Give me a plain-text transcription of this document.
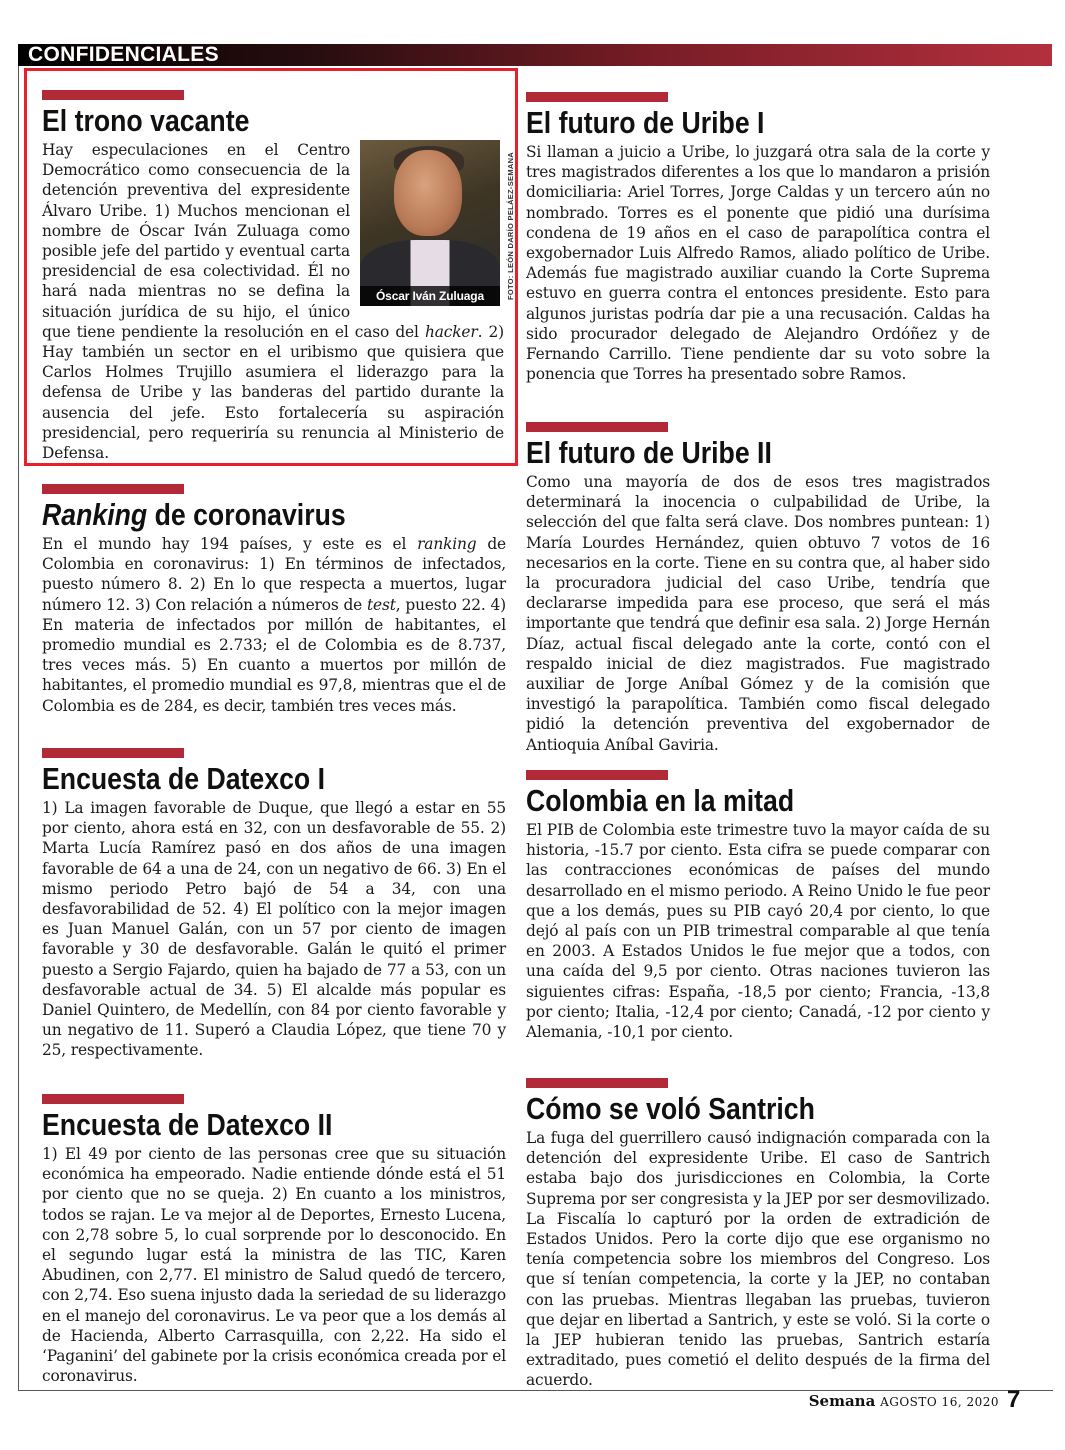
CONFIDENCIALES
El trono vacante

Óscar Iván Zuluaga
Hay especulaciones en el Centro Democrático como consecuencia de la detención preventiva del expresidente Álvaro Uribe. 1) Muchos mencionan el nombre de Óscar Iván Zuluaga como posible jefe del partido y eventual carta presidencial de esa colectividad. Él no hará nada mientras no se defina la situación jurídica de su hijo, el único que tiene pendiente la resolución en el caso del hacker. 2) Hay también un sector en el uribismo que quisiera que Carlos Holmes Trujillo asumiera el liderazgo para la defensa de Uribe y las banderas del partido durante la ausencia del jefe. Esto fortalecería su aspiración presidencial, pero requeriría su renuncia al Ministerio de Defensa.

FOTO: LEÓN DARÍO PELÁEZ-SEMANA
Ranking de coronavirus

En el mundo hay 194 países, y este es el ranking de Colombia en coronavirus: 1) En términos de infectados, puesto número 8. 2) En lo que respecta a muertos, lugar número 12. 3) Con relación a números de test, puesto 22. 4) En materia de infectados por millón de habitantes, el promedio mundial es 2.733; el de Colombia es de 8.737, tres veces más. 5) En cuanto a muertos por millón de habitantes, el promedio mundial es 97,8, mientras que el de Colombia es de 284, es decir, también tres veces más.

Encuesta de Datexco I

1) La imagen favorable de Duque, que llegó a estar en 55 por ciento, ahora está en 32, con un desfavorable de 55. 2) Marta Lucía Ramírez pasó en dos años de una imagen favorable de 64 a una de 24, con un negativo de 66. 3) En el mismo periodo Petro bajó de 54 a 34, con una desfavorabilidad de 52. 4) El político con la mejor imagen es Juan Manuel Galán, con un 57 por ciento de imagen favorable y 30 de desfavorable. Galán le quitó el primer puesto a Sergio Fajardo, quien ha bajado de 77 a 53, con un desfavorable actual de 34. 5) El alcalde más popular es Daniel Quintero, de Medellín, con 84 por ciento favorable y un negativo de 11. Superó a Claudia López, que tiene 70 y 25, respectivamente.

Encuesta de Datexco II

1) El 49 por ciento de las personas cree que su situación económica ha empeorado. Nadie entiende dónde está el 51 por ciento que no se queja. 2) En cuanto a los ministros, todos se rajan. Le va mejor al de Deportes, Ernesto Lucena, con 2,78 sobre 5, lo cual sorprende por lo desconocido. En el segundo lugar está la ministra de las TIC, Karen Abudinen, con 2,77. El ministro de Salud quedó de tercero, con 2,74. Eso suena injusto dada la seriedad de su liderazgo en el manejo del coronavirus. Le va peor que a los demás al de Hacienda, Alberto Carrasquilla, con 2,22. Ha sido el ‘Paganini’ del gabinete por la crisis económica creada por el coronavirus.

El futuro de Uribe I

Si llaman a juicio a Uribe, lo juzgará otra sala de la corte y tres magistrados diferentes a los que lo mandaron a prisión domiciliaria: Ariel Torres, Jorge Caldas y un tercero aún no nombrado. Torres es el ponente que pidió una durísima condena de 19 años en el caso de parapolítica contra el exgobernador Luis Alfredo Ramos, aliado político de Uribe. Además fue magistrado auxiliar cuando la Corte Suprema estuvo en guerra contra el entonces presidente. Esto para algunos juristas podría dar pie a una recusación. Caldas ha sido procurador delegado de Alejandro Ordóñez y de Fernando Carrillo. Tiene pendiente dar su voto sobre la ponencia que Torres ha presentado sobre Ramos.

El futuro de Uribe II

Como una mayoría de dos de esos tres magistrados determinará la inocencia o culpabilidad de Uribe, la selección del que falta será clave. Dos nombres puntean: 1) María Lourdes Hernández, quien obtuvo 7 votos de 16 necesarios en la corte. Tiene en su contra que, al haber sido la procuradora judicial del caso Uribe, tendría que declararse impedida para ese proceso, que será el más importante que tendrá que definir esa sala. 2) Jorge Hernán Díaz, actual fiscal delegado ante la corte, contó con el respaldo inicial de diez magistrados. Fue magistrado auxiliar de Jorge Aníbal Gómez y de la comisión que investigó la parapolítica. También como fiscal delegado pidió la detención preventiva del exgobernador de Antioquia Aníbal Gaviria.

Colombia en la mitad

El PIB de Colombia este trimestre tuvo la mayor caída de su historia, -15.7 por ciento. Esta cifra se puede comparar con las contracciones económicas de países del mundo desarrollado en el mismo periodo. A Reino Unido le fue peor que a los demás, pues su PIB cayó 20,4 por ciento, lo que dejó al país con un PIB trimestral comparable al que tenía en 2003. A Estados Unidos le fue mejor que a todos, con una caída del 9,5 por ciento. Otras naciones tuvieron las siguientes cifras: España, -18,5 por ciento; Francia, -13,8 por ciento; Italia, -12,4 por ciento; Canadá, -12 por ciento y Alemania, -10,1 por ciento.

Cómo se voló Santrich

La fuga del guerrillero causó indignación comparada con la detención del expresidente Uribe. El caso de Santrich estaba bajo dos jurisdicciones en Colombia, la Corte Suprema por ser congresista y la JEP por ser desmovilizado. La Fiscalía lo capturó por la orden de extradición de Estados Unidos. Pero la corte dijo que ese organismo no tenía competencia sobre los miembros del Congreso. Los que sí tenían competencia, la corte y la JEP, no contaban con las pruebas. Mientras llegaban las pruebas, tuvieron que dejar en libertad a Santrich, y este se voló. Si la corte o la JEP hubieran tenido las pruebas, Santrich estaría extraditado, pues cometió el delito después de la firma del acuerdo.

Semana AGOSTO 16, 2020 7
